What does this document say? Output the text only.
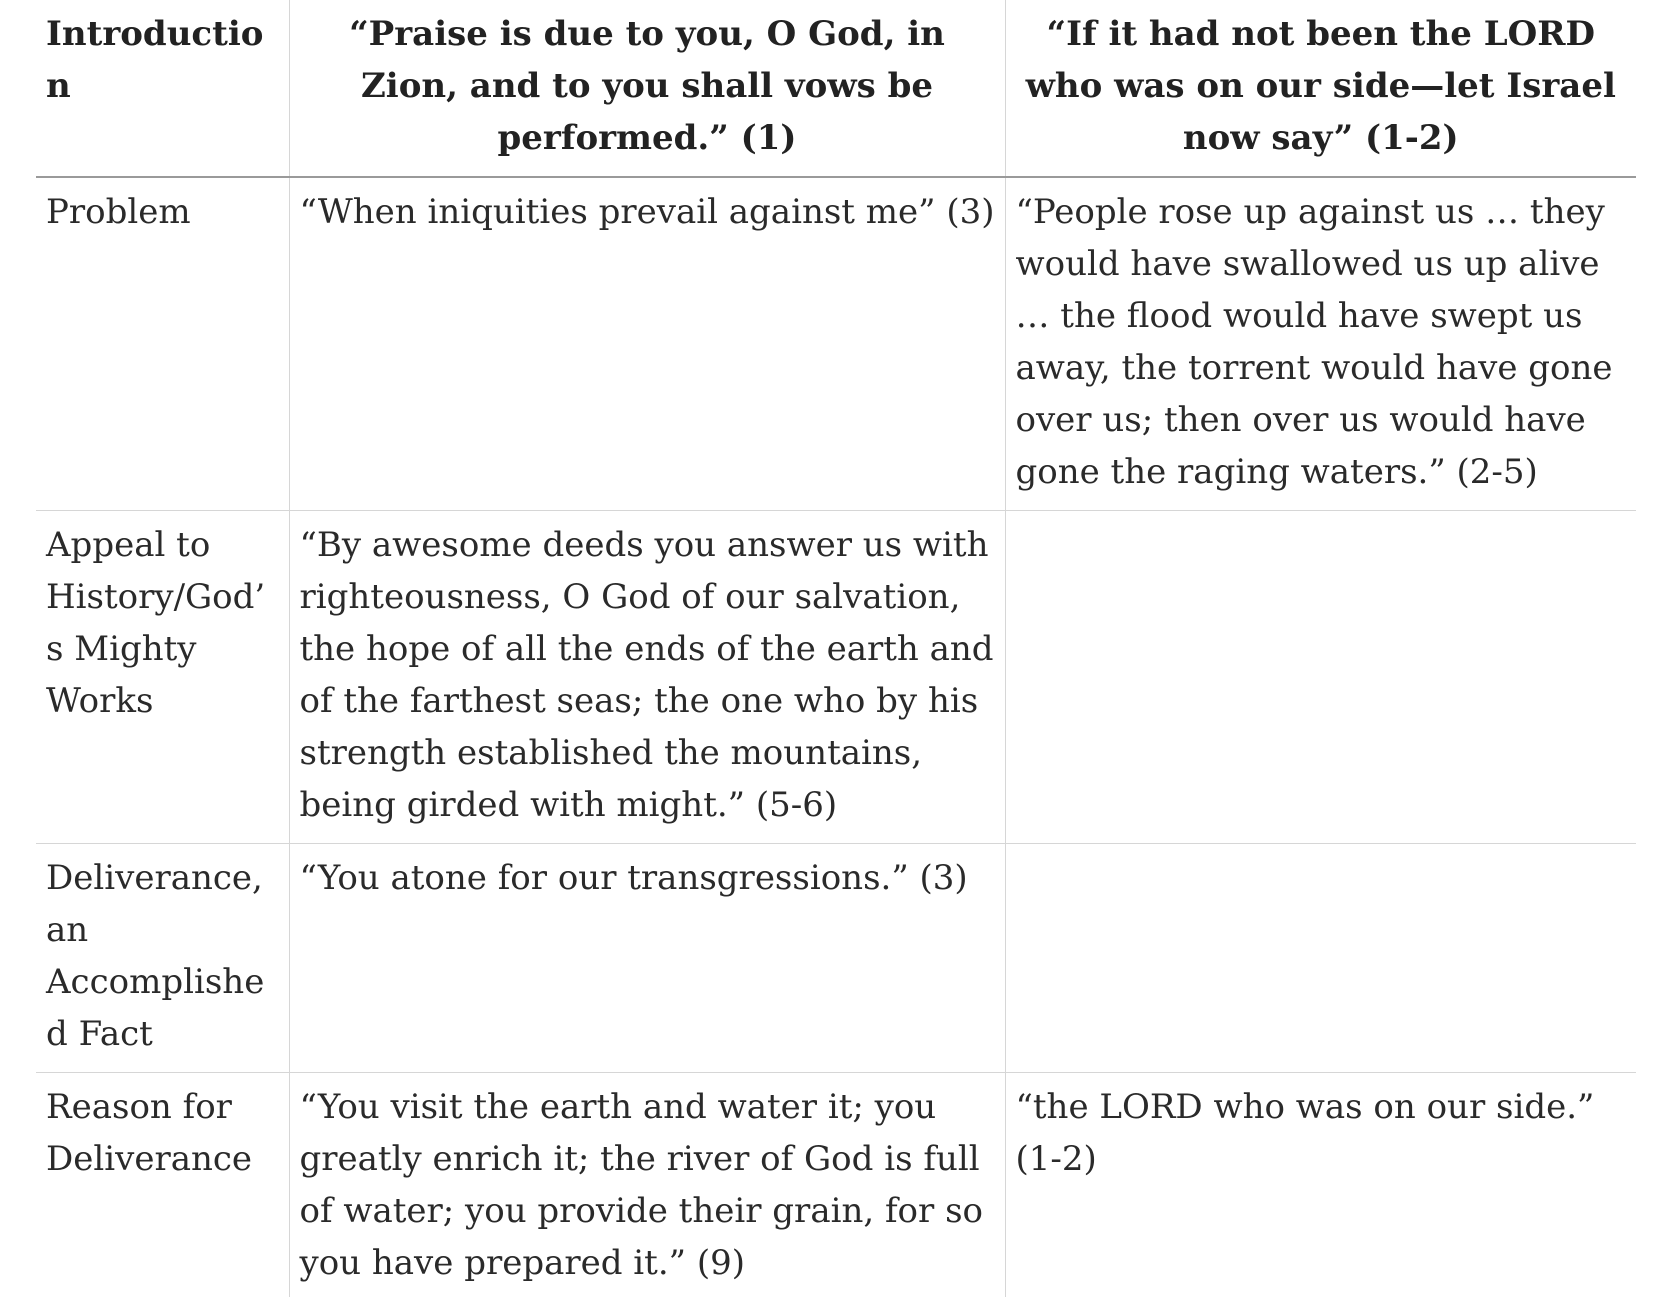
Introduction	“Praise is due to you, O God, in Zion, and to you shall vows be performed.” (1)	“If it had not been the LORD who was on our side—let Israel now say” (1-2)
Problem	“When iniquities prevail against me” (3)	“People rose up against us … they would have swallowed us up alive … the flood would have swept us away, the torrent would have gone over us; then over us would have gone the raging waters.” (2-5)
Appeal to History/God’s Mighty Works	“By awesome deeds you answer us with righteousness, O God of our salvation, the hope of all the ends of the earth and of the farthest seas; the one who by his strength established the mountains, being girded with might.” (5-6)	
Deliverance, an Accomplished Fact	“You atone for our transgressions.” (3)	
Reason for Deliverance	“You visit the earth and water it; you greatly enrich it; the river of God is full of water; you provide their grain, for so you have prepared it.” (9)	“the LORD who was on our side.” (1-2)
